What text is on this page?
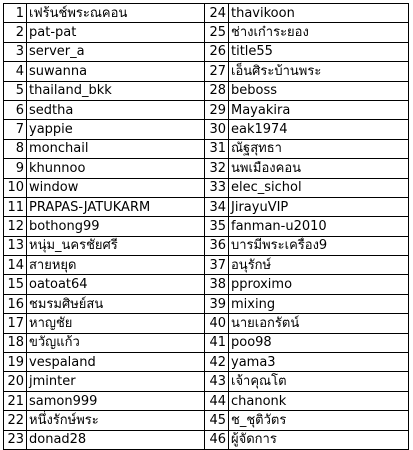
1	เฟร้นช์พระณคอน	24	thavikoon
2	pat-pat	25	ช่างเก๋าระยอง
3	server_a	26	title55
4	suwanna	27	เอ็นศิระบ้านพระ
5	thailand_bkk	28	beboss
6	sedtha	29	Mayakira
7	yappie	30	eak1974
8	monchail	31	ณัฐสุทธา
9	khunnoo	32	นพเมืองคอน
10	window	33	elec_sichol
11	PRAPAS-JATUKARM	34	JirayuVIP
12	bothong99	35	fanman-u2010
13	หนุ่ม_นครชัยศรี	36	บารมีพระเครื่อง9
14	สายหยุด	37	อนุรักษ์
15	oatoat64	38	pproximo
16	ชมรมศิษย์สน	39	mixing
17	หาญชัย	40	นายเอกรัตน์
18	ขวัญแก้ว	41	poo98
19	vespaland	42	yama3
20	jminter	43	เจ้าคุณโต
21	samon999	44	chanonk
22	หนึ่งรักษ์พระ	45	ช_ชุติวัตร
23	donad28	46	ผู้จัดการ
